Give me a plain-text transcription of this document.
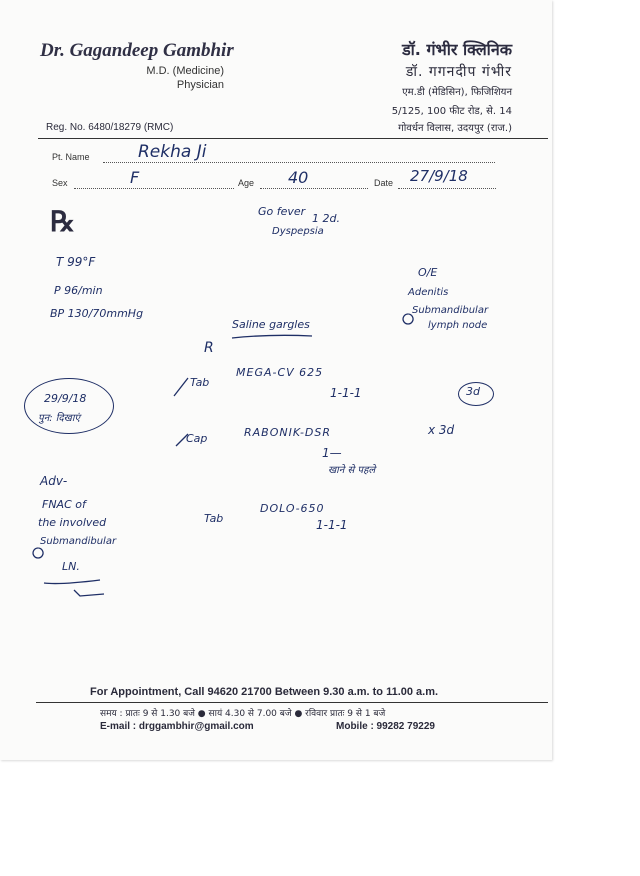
Dr. Gagandeep Gambhir
M.D. (Medicine)
Physician
डॉ. गंभीर क्लिनिक
डॉ. गगनदीप गंभीर
एम.डी (मेडिसिन), फिजिशियन
5/125, 100 फीट रोड, से. 14
गोवर्धन विलास, उदयपुर (राज.)
Reg. No. 6480/18279 (RMC)
Pt. Name	Rekha Ji
Sex	F	Age 40	Date 27/9/18
℞	Go fever
Dyspepsia
1 2d.
T 99°F
P 96/min
BP 130/70mmHg
O/E
Adenitis
Submandibular
lymph node
Saline gargles
R
Tab
MEGA-CV 625
1-1-1	3d
29/9/18
पुन: दिखाएं
Cap	RABONIK-DSR
1—
खाने से पहले
x 3d
Adv-
FNAC of
the involved
Submandibular
LN.
Tab
DOLO-650
1-1-1
For Appointment, Call 94620 21700 Between 9.30 a.m. to 11.00 a.m.
समय : प्रातः 9 से 1.30 बजे ● सायं 4.30 से 7.00 बजे ● रविवार प्रातः 9 से 1 बजे
E-mail : drggambhir@gmail.com	Mobile : 99282 79229
